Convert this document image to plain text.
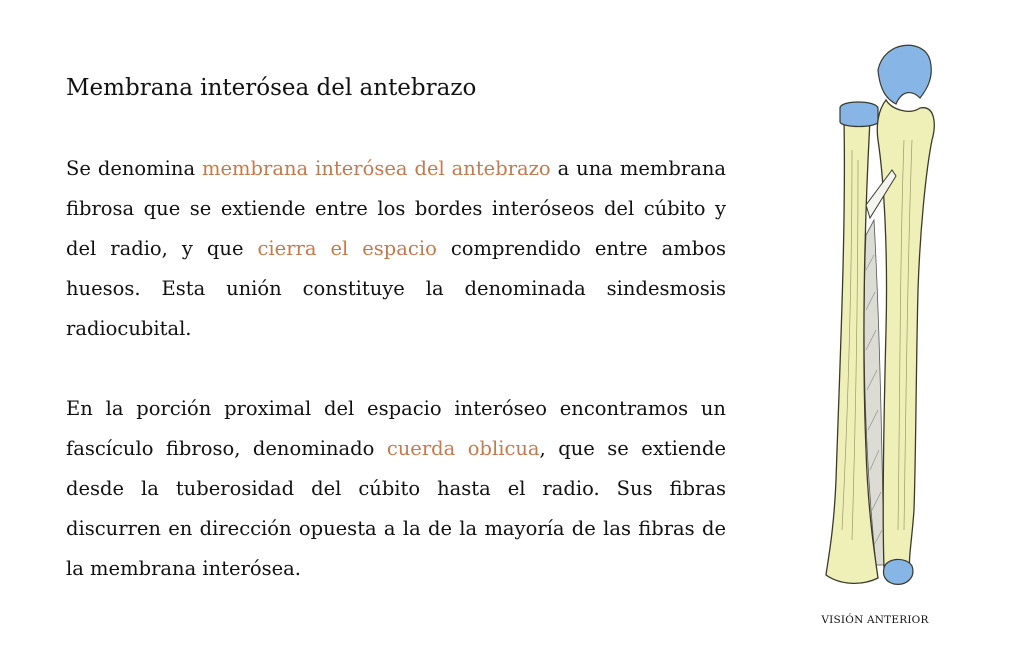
Membrana interósea del antebrazo

Se denomina membrana interósea del antebrazo a una membrana fibrosa que se extiende entre los bordes interóseos del cúbito y del radio, y que cierra el espacio comprendido entre ambos huesos. Esta unión constituye la denominada sindesmosis radiocubital.

En la porción proximal del espacio interóseo encontramos un fascículo fibroso, denominado cuerda oblicua, que se extiende desde la tuberosidad del cúbito hasta el radio. Sus fibras discurren en dirección opuesta a la de la mayoría de las fibras de la membrana interósea.

VISIÓN ANTERIOR
